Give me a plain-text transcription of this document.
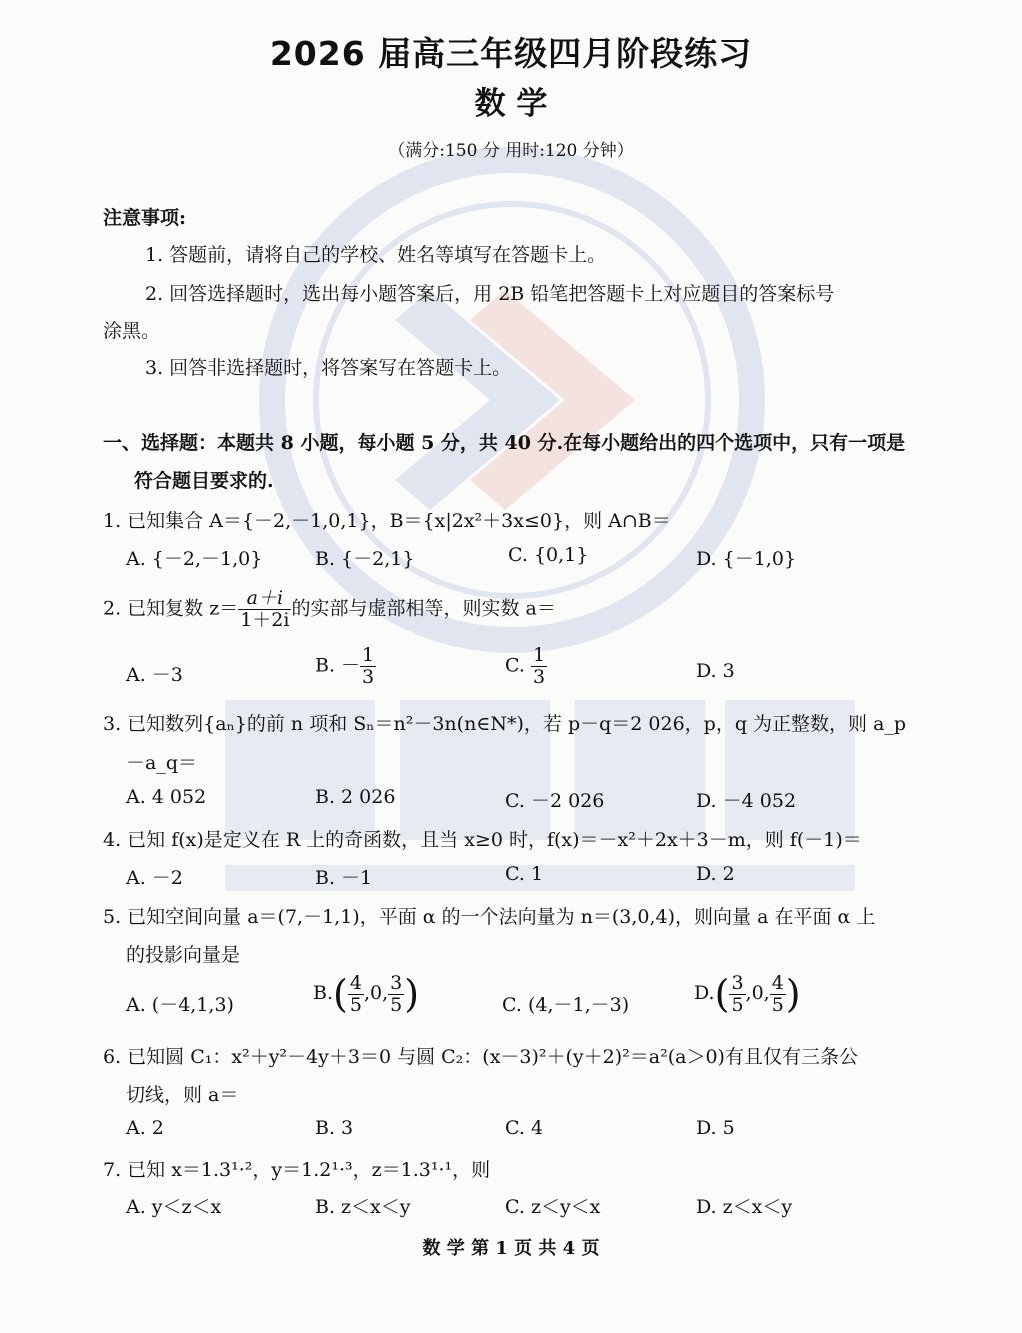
2026 届高三年级四月阶段练习
数 学
（满分:150 分 用时:120 分钟）
注意事项:
1. 答题前，请将自己的学校、姓名等填写在答题卡上。
2. 回答选择题时，选出每小题答案后，用 2B 铅笔把答题卡上对应题目的答案标号
涂黑。
3. 回答非选择题时，将答案写在答题卡上。
一、选择题：本题共 8 小题，每小题 5 分，共 40 分.在每小题给出的四个选项中，只有一项是
符合题目要求的.
1. 已知集合 A＝{－2,－1,0,1}，B＝{x|2x²＋3x≤0}，则 A∩B＝
A. {－2,－1,0}	B. {－2,1}	C. {0,1}	D. {－1,0}
2. 已知复数 $z= \frac{a+i}{1+2i}$ 的实部与虚部相等，则实数 a＝
A. －3	B. － $\frac{1}{3}$	C. $\frac{1}{3}$	D. 3
3. 已知数列{aₙ}的前 n 项和 Sₙ＝n²－3n(n∈N*)，若 p－q＝2 026，p，q 为正整数，则 a_p
－a_q＝
A. 4 052	B. 2 026	C. －2 026	D. －4 052
4. 已知 f(x)是定义在 R 上的奇函数，且当 x≥0 时，f(x)＝－x²＋2x＋3－m，则 f(－1)＝
A. －2	B. －1	C. 1	D. 2
5. 已知空间向量 a＝(7,－1,1)，平面 α 的一个法向量为 n＝(3,0,4)，则向量 a 在平面 α 上
的投影向量是
A. (－4,1,3)
$B.( \frac{4}{5} ,0$, $\frac{3}{5}$ )	C. (4,－1,－3)
$D.( \frac{3}{5} ,0$, $\frac{4}{5}$ )
6. 已知圆 C₁：x²＋y²－4y＋3＝0 与圆 C₂：(x－3)²＋(y＋2)²＝a²(a＞0)有且仅有三条公
切线，则 a＝
A. 2	B. 3	C. 4	D. 5
7. 已知 x＝1.3¹·²，y＝1.2¹·³，z＝1.3¹·¹，则
A. y＜z＜x	B. z＜x＜y	C. z＜y＜x	D. z＜x＜y
数 学 第 1 页 共 4 页
